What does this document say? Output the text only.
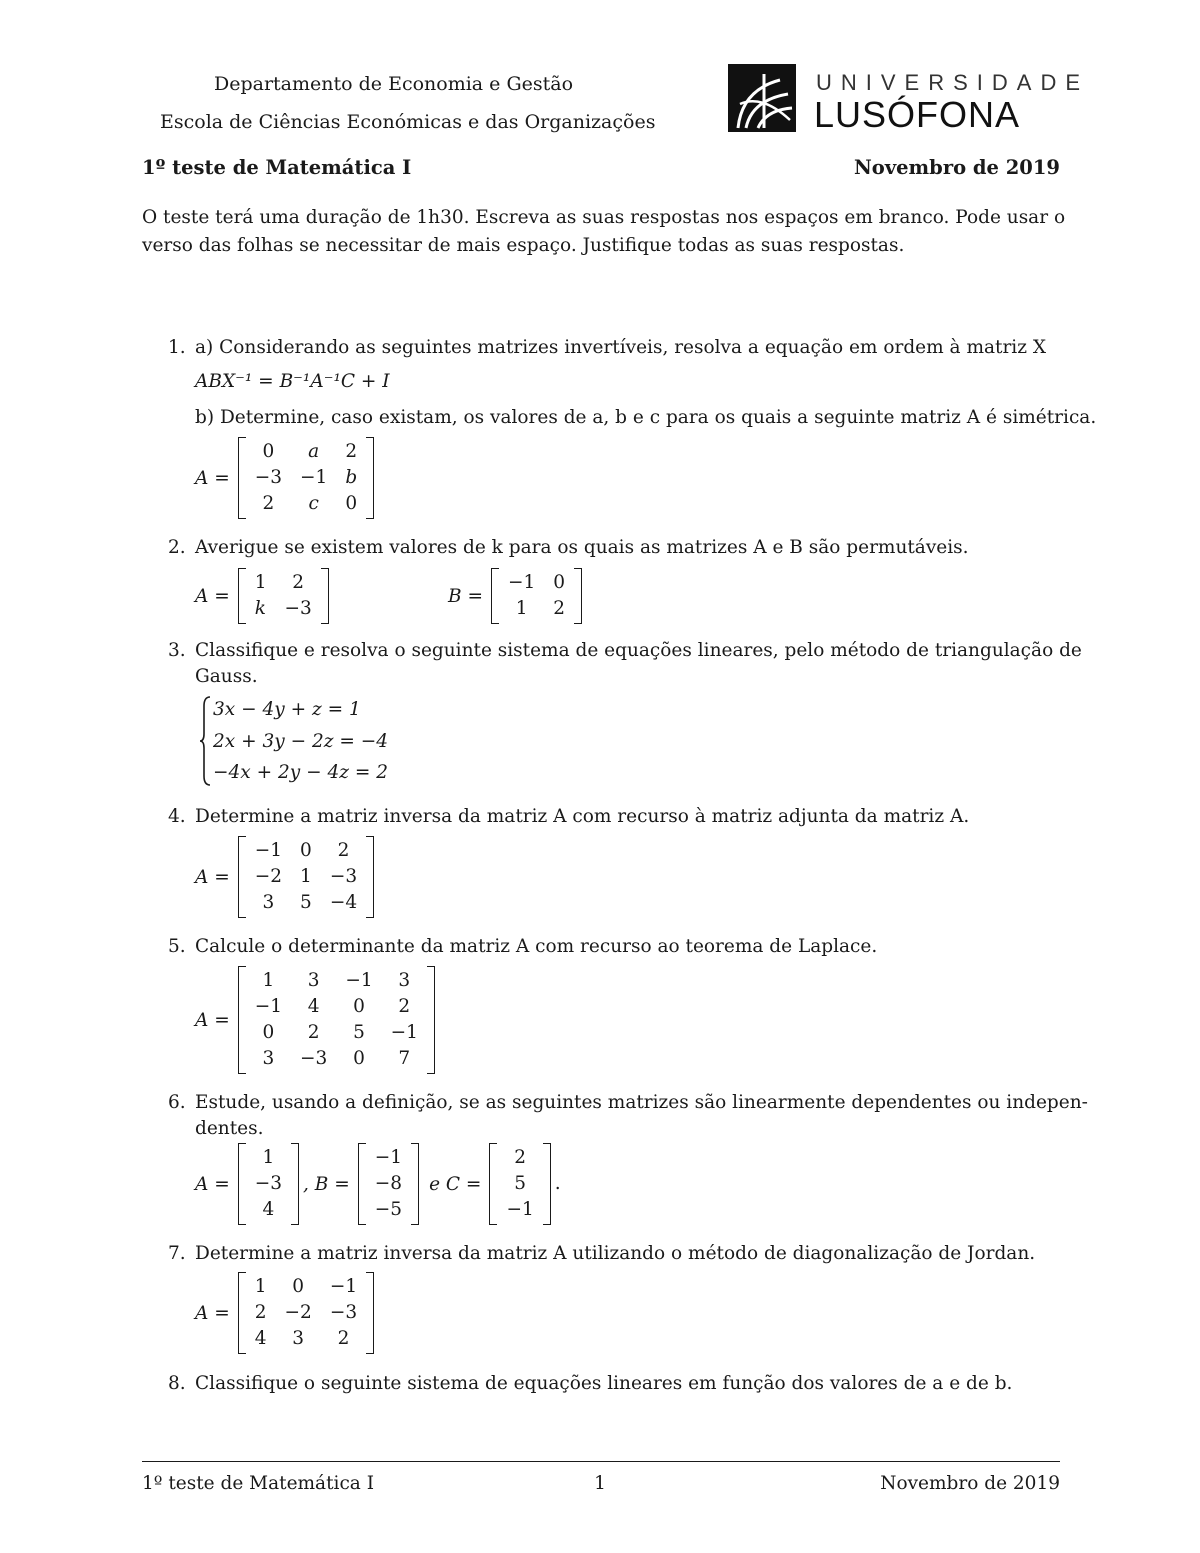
Departamento de Economia e Gestão
Escola de Ciências Económicas e das Organizações
UNIVERSIDADE
LUSÓFONA
1º teste de Matemática I	Novembro de 2019
O teste terá uma duração de 1h30. Escreva as suas respostas nos espaços em branco. Pode usar o
verso das folhas se necessitar de mais espaço. Justifique todas as suas respostas.
1. a) Considerando as seguintes matrizes invertíveis, resolva a equação em ordem à matriz X
ABX⁻¹ = B⁻¹A⁻¹C + I
b) Determine, caso existam, os valores de a, b e c para os quais a seguinte matriz A é simétrica.
A =
0	a	2
−3	−1	b
2	c	0
2. Averigue se existem valores de k para os quais as matrizes A e B são permutáveis.
A =
1	2
k	−3
B =
−1	0
1	2
3. Classifique e resolva o seguinte sistema de equações lineares, pelo método de triangulação de
Gauss.
3x − 4y + z = 1
2x + 3y − 2z = −4
−4x + 2y − 4z = 2
4. Determine a matriz inversa da matriz A com recurso à matriz adjunta da matriz A.
A =
−1	0	2
−2	1	−3
3	5	−4
5. Calcule o determinante da matriz A com recurso ao teorema de Laplace.
A =
1	3	−1	3
−1	4	0	2
0	2	5	−1
3	−3	0	7
6. Estude, usando a definição, se as seguintes matrizes são linearmente dependentes ou indepen-
dentes.
A =
1
−3
4
, B =
−1
−8
−5
e C =
2
5
−1
.
7. Determine a matriz inversa da matriz A utilizando o método de diagonalização de Jordan.
A =
1	0	−1
2	−2	−3
4	3	2
8. Classifique o seguinte sistema de equações lineares em função dos valores de a e de b.
1º teste de Matemática I	1	Novembro de 2019
